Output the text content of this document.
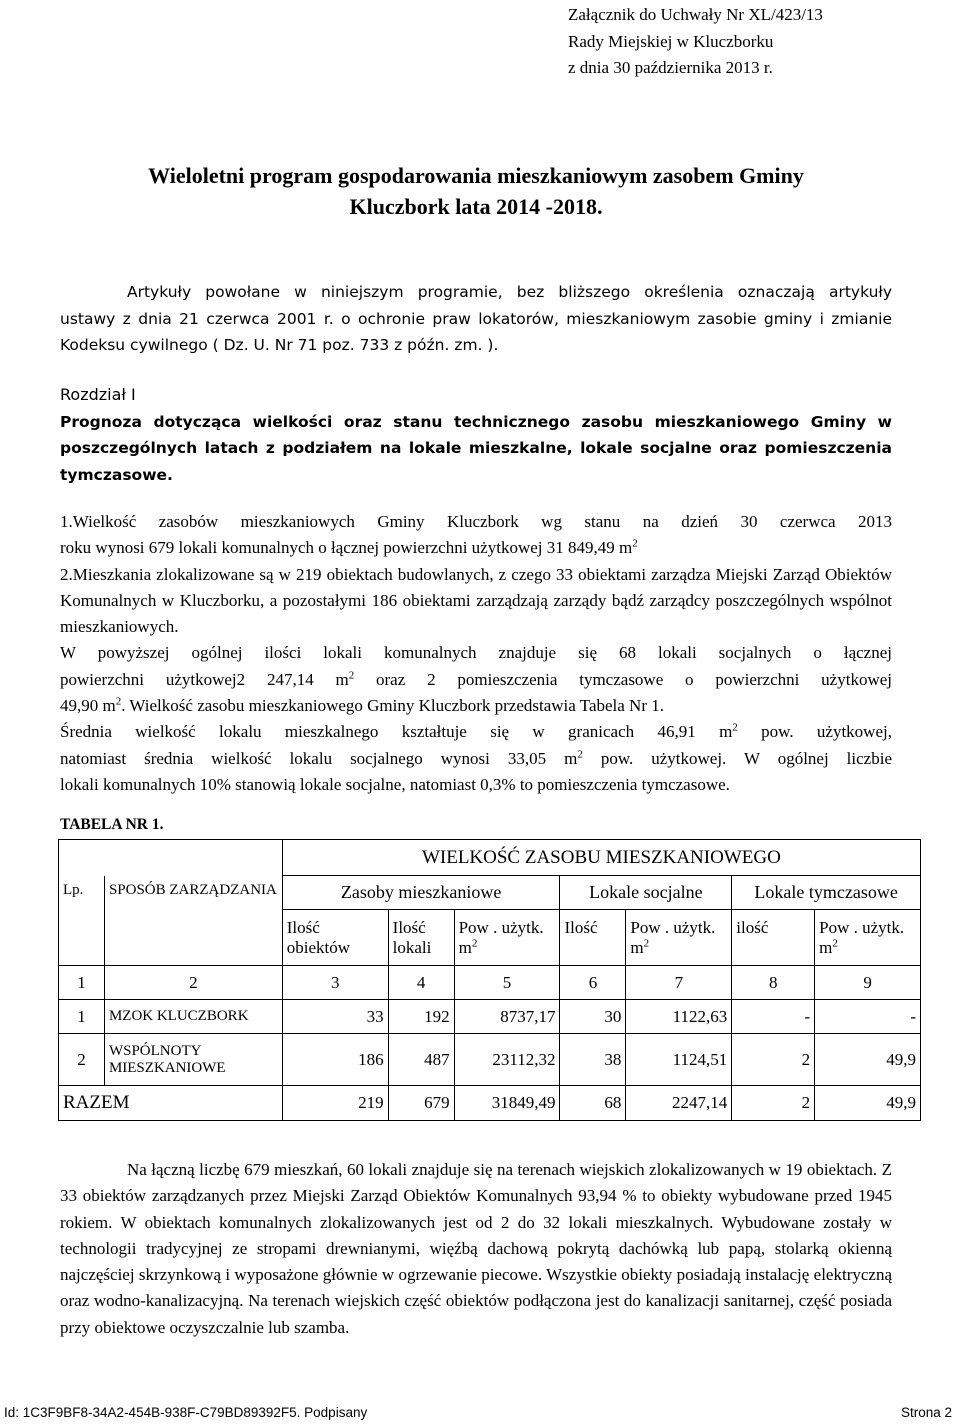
Załącznik do Uchwały Nr XL/423/13
Rady Miejskiej w Kluczborku
z dnia 30 października 2013 r.
Wieloletni program gospodarowania mieszkaniowym zasobem Gminy
Kluczbork lata 2014 -2018.
Artykuły powołane w niniejszym programie, bez bliższego określenia oznaczają artykuły
ustawy z dnia 21 czerwca 2001 r. o ochronie praw lokatorów, mieszkaniowym zasobie gminy i zmianie Kodeksu cywilnego ( Dz. U. Nr 71 poz. 733 z późn. zm. ).
Rozdział I
Prognoza dotycząca wielkości oraz stanu technicznego zasobu mieszkaniowego Gminy w poszczególnych latach z podziałem na lokale mieszkalne, lokale socjalne oraz pomieszczenia tymczasowe.

1.Wielkość zasobów mieszkaniowych Gminy Kluczbork wg stanu na dzień 30 czerwca 2013

roku wynosi 679 lokali komunalnych o łącznej powierzchni użytkowej 31 849,49 $m^2$

2.Mieszkania zlokalizowane są w 219 obiektach budowlanych, z czego 33 obiektami zarządza Miejski Zarząd Obiektów Komunalnych w Kluczborku, a pozostałymi 186 obiektami zarządzają zarządy bądź zarządcy poszczególnych wspólnot mieszkaniowych.

W powyższej ogólnej ilości lokali komunalnych znajduje się 68 lokali socjalnych o łącznej

powierzchni użytkowej2 247,14 $m^2$ oraz 2 pomieszczenia tymczasowe o powierzchni użytkowej

49,90 $m^2$. Wielkość zasobu mieszkaniowego Gminy Kluczbork przedstawia Tabela Nr 1.

Średnia wielkość lokalu mieszkalnego kształtuje się w granicach 46,91 $m^2$ pow. użytkowej,

natomiast średnia wielkość lokalu socjalnego wynosi 33,05 $m^2$ pow. użytkowej. W ogólnej liczbie

lokali komunalnych 10% stanowią lokale socjalne, natomiast 0,3% to pomieszczenia tymczasowe.

TABELA NR 1.
		WIELKOŚĆ ZASOBU MIESZKANIOWEGO						
Lp.	SPOSÓB ZARZĄDZANIA	Zasoby mieszkaniowe			Lokale socjalne		Lokale tymczasowe	
		Ilość obiektów	Ilość lokali	Pow . użytk. $m^2$	Ilość	Pow . użytk. $m^2$	ilość	Pow . użytk. $m^2$
1	2	3	4	5	6	7	8	9
1	MZOK KLUCZBORK	33	192	8737,17	30	1122,63	-	-
2	WSPÓLNOTY MIESZKANIOWE	186	487	23112,32	38	1124,51	2	49,9
RAZEM		219	679	31849,49	68	2247,14	2	49,9
Na łączną liczbę 679 mieszkań, 60 lokali znajduje się na terenach wiejskich zlokalizowanych w 19 obiektach. Z 33 obiektów zarządzanych przez Miejski Zarząd Obiektów Komunalnych 93,94 % to obiekty wybudowane przed 1945 rokiem. W obiektach komunalnych zlokalizowanych jest od 2 do 32 lokali mieszkalnych. Wybudowane zostały w technologii tradycyjnej ze stropami drewnianymi, więźbą dachową pokrytą dachówką lub papą, stolarką okienną najczęściej skrzynkową i wyposażone głównie w ogrzewanie piecowe. Wszystkie obiekty posiadają instalację elektryczną oraz wodno-kanalizacyjną. Na terenach wiejskich część obiektów podłączona jest do kanalizacji sanitarnej, część posiada przy obiektowe oczyszczalnie lub szamba.
Id: 1C3F9BF8-34A2-454B-938F-C79BD89392F5. Podpisany	Strona 2
